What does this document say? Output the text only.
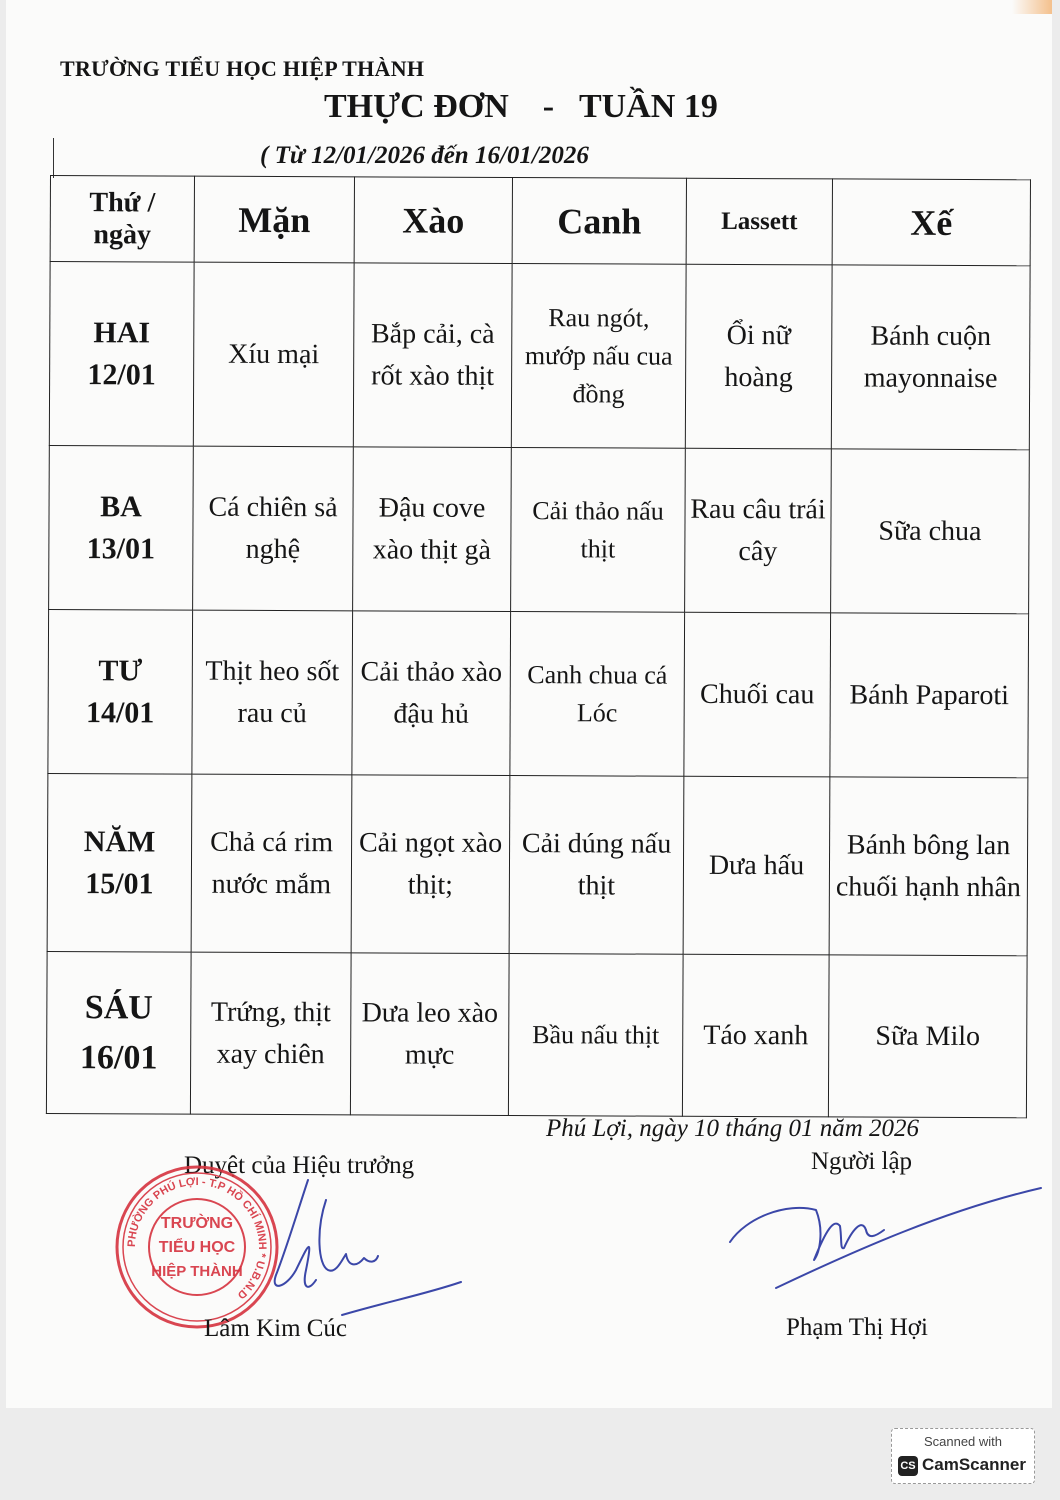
TRƯỜNG TIỂU HỌC HIỆP THÀNH
THỰC ĐƠN    -   TUẦN 19
( Từ 12/01/2026 đến 16/01/2026
Thứ /
ngày	Mặn	Xào	Canh	Lassett	Xế
HAI
12/01	Xíu mại	Bắp cải, cà rốt xào thịt	Rau ngót, mướp nấu cua đồng	Ổi nữ hoàng	Bánh cuộn mayonnaise
BA
13/01	Cá chiên sả nghệ	Đậu cove xào thịt gà	Cải thảo nấu thịt	Rau câu trái cây	Sữa chua
TƯ
14/01	Thịt heo sốt rau củ	Cải thảo xào đậu hủ	Canh chua cá Lóc	Chuối cau	Bánh Paparoti
NĂM
15/01	Chả cá rim nước mắm	Cải ngọt xào thịt;	Cải dúng nấu thịt	Dưa hấu	Bánh bông lan chuối hạnh nhân
SÁU
16/01	Trứng, thịt xay chiên	Dưa leo xào mực	Bầu nấu thịt	Táo xanh	Sữa Milo
Phú Lợi, ngày 10 tháng 01 năm 2026
Duyệt của Hiệu trưởng	Người lập
PHƯỜNG PHÚ LỢI - T.P HỒ CHÍ MINH * U.B.N.D
TRƯỜNG
TIỂU HỌC
HIỆP THÀNH
Lâm Kim Cúc	Phạm Thị Hợi
Scanned with
CS CamScanner
